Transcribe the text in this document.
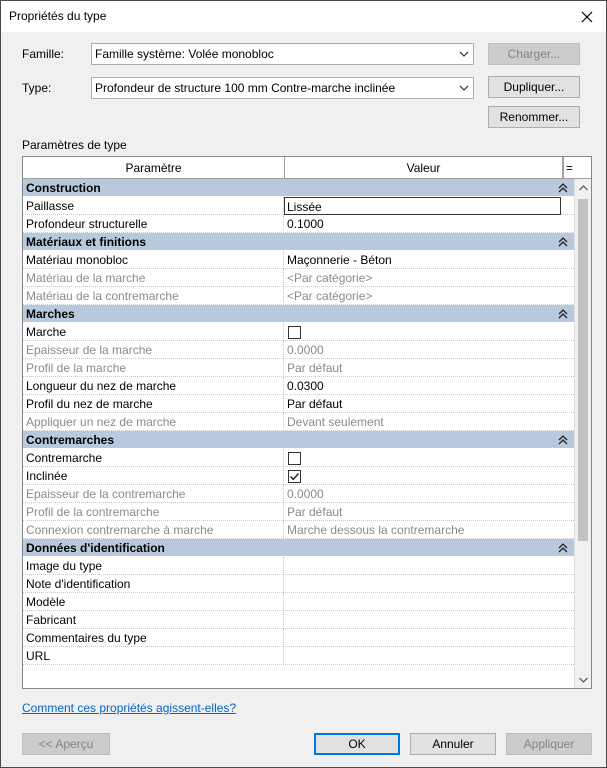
Propriétés du type
Famille:	Famille système: Volée monobloc	Charger...
Type:	Profondeur de structure 100 mm Contre-marche inclinée	Dupliquer...
Renommer...
Paramètres de type
Paramètre	Valeur	=
Construction
Paillasse	Lissée
Profondeur structurelle	0.1000
Matériaux et finitions
Matériau monobloc	Maçonnerie - Béton
Matériau de la marche	<Par catégorie>
Matériau de la contremarche	<Par catégorie>
Marches
Marche
Epaisseur de la marche	0.0000
Profil de la marche	Par défaut
Longueur du nez de marche	0.0300
Profil du nez de marche	Par défaut
Appliquer un nez de marche	Devant seulement
Contremarches
Contremarche
Inclinée
Epaisseur de la contremarche	0.0000
Profil de la contremarche	Par défaut
Connexion contremarche à marche	Marche dessous la contremarche
Données d'identification
Image du type
Note d'identification
Modèle
Fabricant
Commentaires du type
URL
Comment ces propriétés agissent-elles?
<< Aperçu	OK	Annuler	Appliquer
